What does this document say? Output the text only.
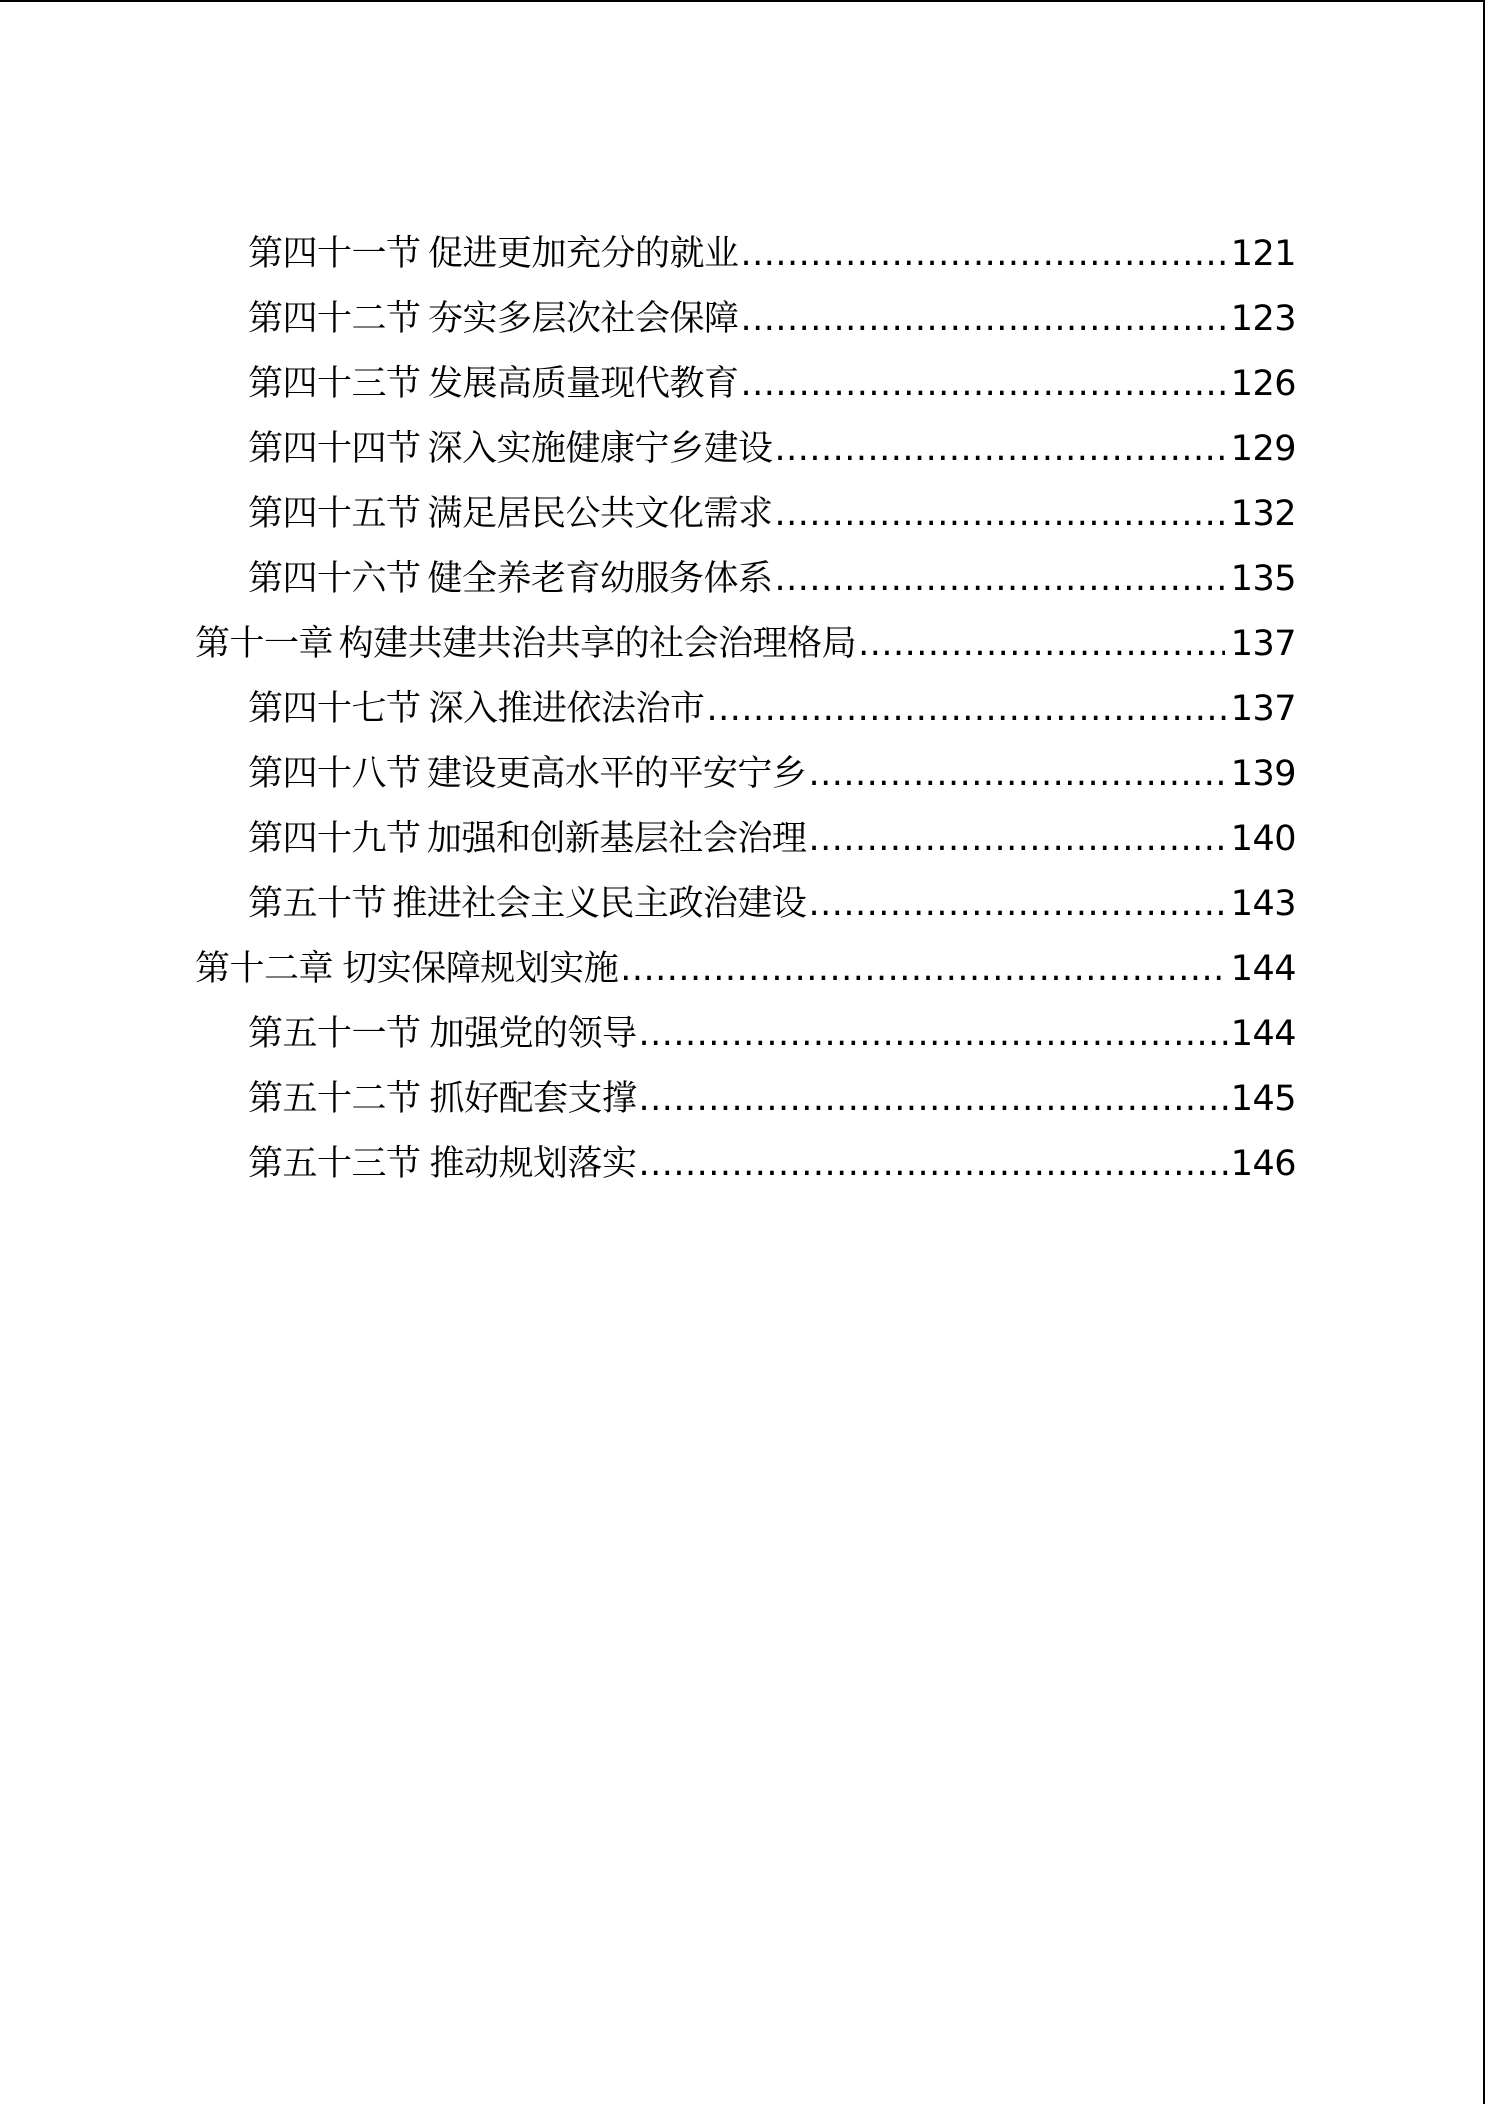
第四十一节 促进更加充分的就业 .....	121
第四十二节 夯实多层次社会保障 .....	123
第四十三节 发展高质量现代教育 .....	126
第四十四节 深入实施健康宁乡建设 .....	129
第四十五节 满足居民公共文化需求 .....	132
第四十六节 健全养老育幼服务体系 .....	135
第十一章 构建共建共治共享的社会治理格局 .....	137
第四十七节 深入推进依法治市 .....	137
第四十八节 建设更高水平的平安宁乡 .....	139
第四十九节 加强和创新基层社会治理 .....	140
第五十节 推进社会主义民主政治建设 .....	143
第十二章 切实保障规划实施 .....	144
第五十一节 加强党的领导 .....	144
第五十二节 抓好配套支撑 .....	145
第五十三节 推动规划落实 .....	146
